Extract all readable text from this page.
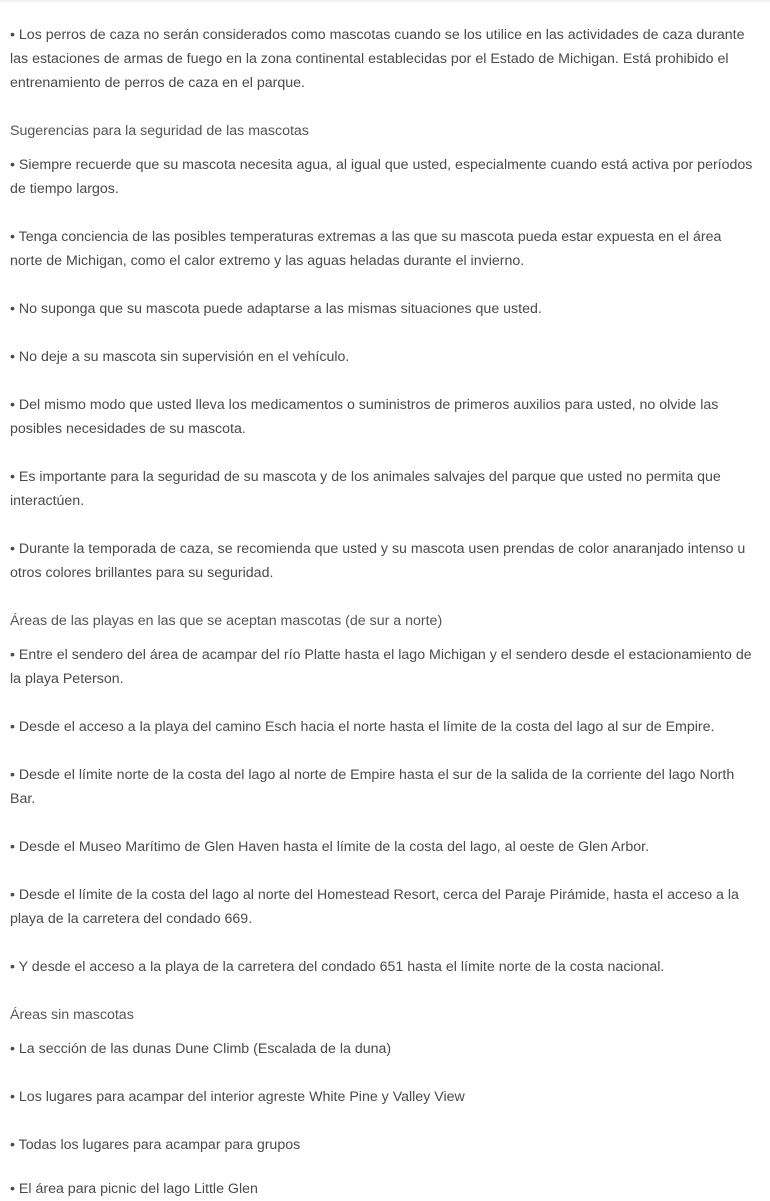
• Los perros de caza no serán considerados como mascotas cuando se los utilice en las actividades de caza durante las estaciones de armas de fuego en la zona continental establecidas por el Estado de Michigan. Está prohibido el entrenamiento de perros de caza en el parque.

Sugerencias para la seguridad de las mascotas

• Siempre recuerde que su mascota necesita agua, al igual que usted, especialmente cuando está activa por períodos de tiempo largos.

• Tenga conciencia de las posibles temperaturas extremas a las que su mascota pueda estar expuesta en el área norte de Michigan, como el calor extremo y las aguas heladas durante el invierno.

• No suponga que su mascota puede adaptarse a las mismas situaciones que usted.

• No deje a su mascota sin supervisión en el vehículo.

• Del mismo modo que usted lleva los medicamentos o suministros de primeros auxilios para usted, no olvide las posibles necesidades de su mascota.

• Es importante para la seguridad de su mascota y de los animales salvajes del parque que usted no permita que interactúen.

• Durante la temporada de caza, se recomienda que usted y su mascota usen prendas de color anaranjado intenso u otros colores brillantes para su seguridad.

Áreas de las playas en las que se aceptan mascotas (de sur a norte)

• Entre el sendero del área de acampar del río Platte hasta el lago Michigan y el sendero desde el estacionamiento de la playa Peterson.

• Desde el acceso a la playa del camino Esch hacia el norte hasta el límite de la costa del lago al sur de Empire.

• Desde el límite norte de la costa del lago al norte de Empire hasta el sur de la salida de la corriente del lago North Bar.

• Desde el Museo Marítimo de Glen Haven hasta el límite de la costa del lago, al oeste de Glen Arbor.

• Desde el límite de la costa del lago al norte del Homestead Resort, cerca del Paraje Pirámide, hasta el acceso a la playa de la carretera del condado 669.

• Y desde el acceso a la playa de la carretera del condado 651 hasta el límite norte de la costa nacional.

Áreas sin mascotas

• La sección de las dunas Dune Climb (Escalada de la duna)

• Los lugares para acampar del interior agreste White Pine y Valley View

• Todas los lugares para acampar para grupos

• El área para picnic del lago Little Glen
